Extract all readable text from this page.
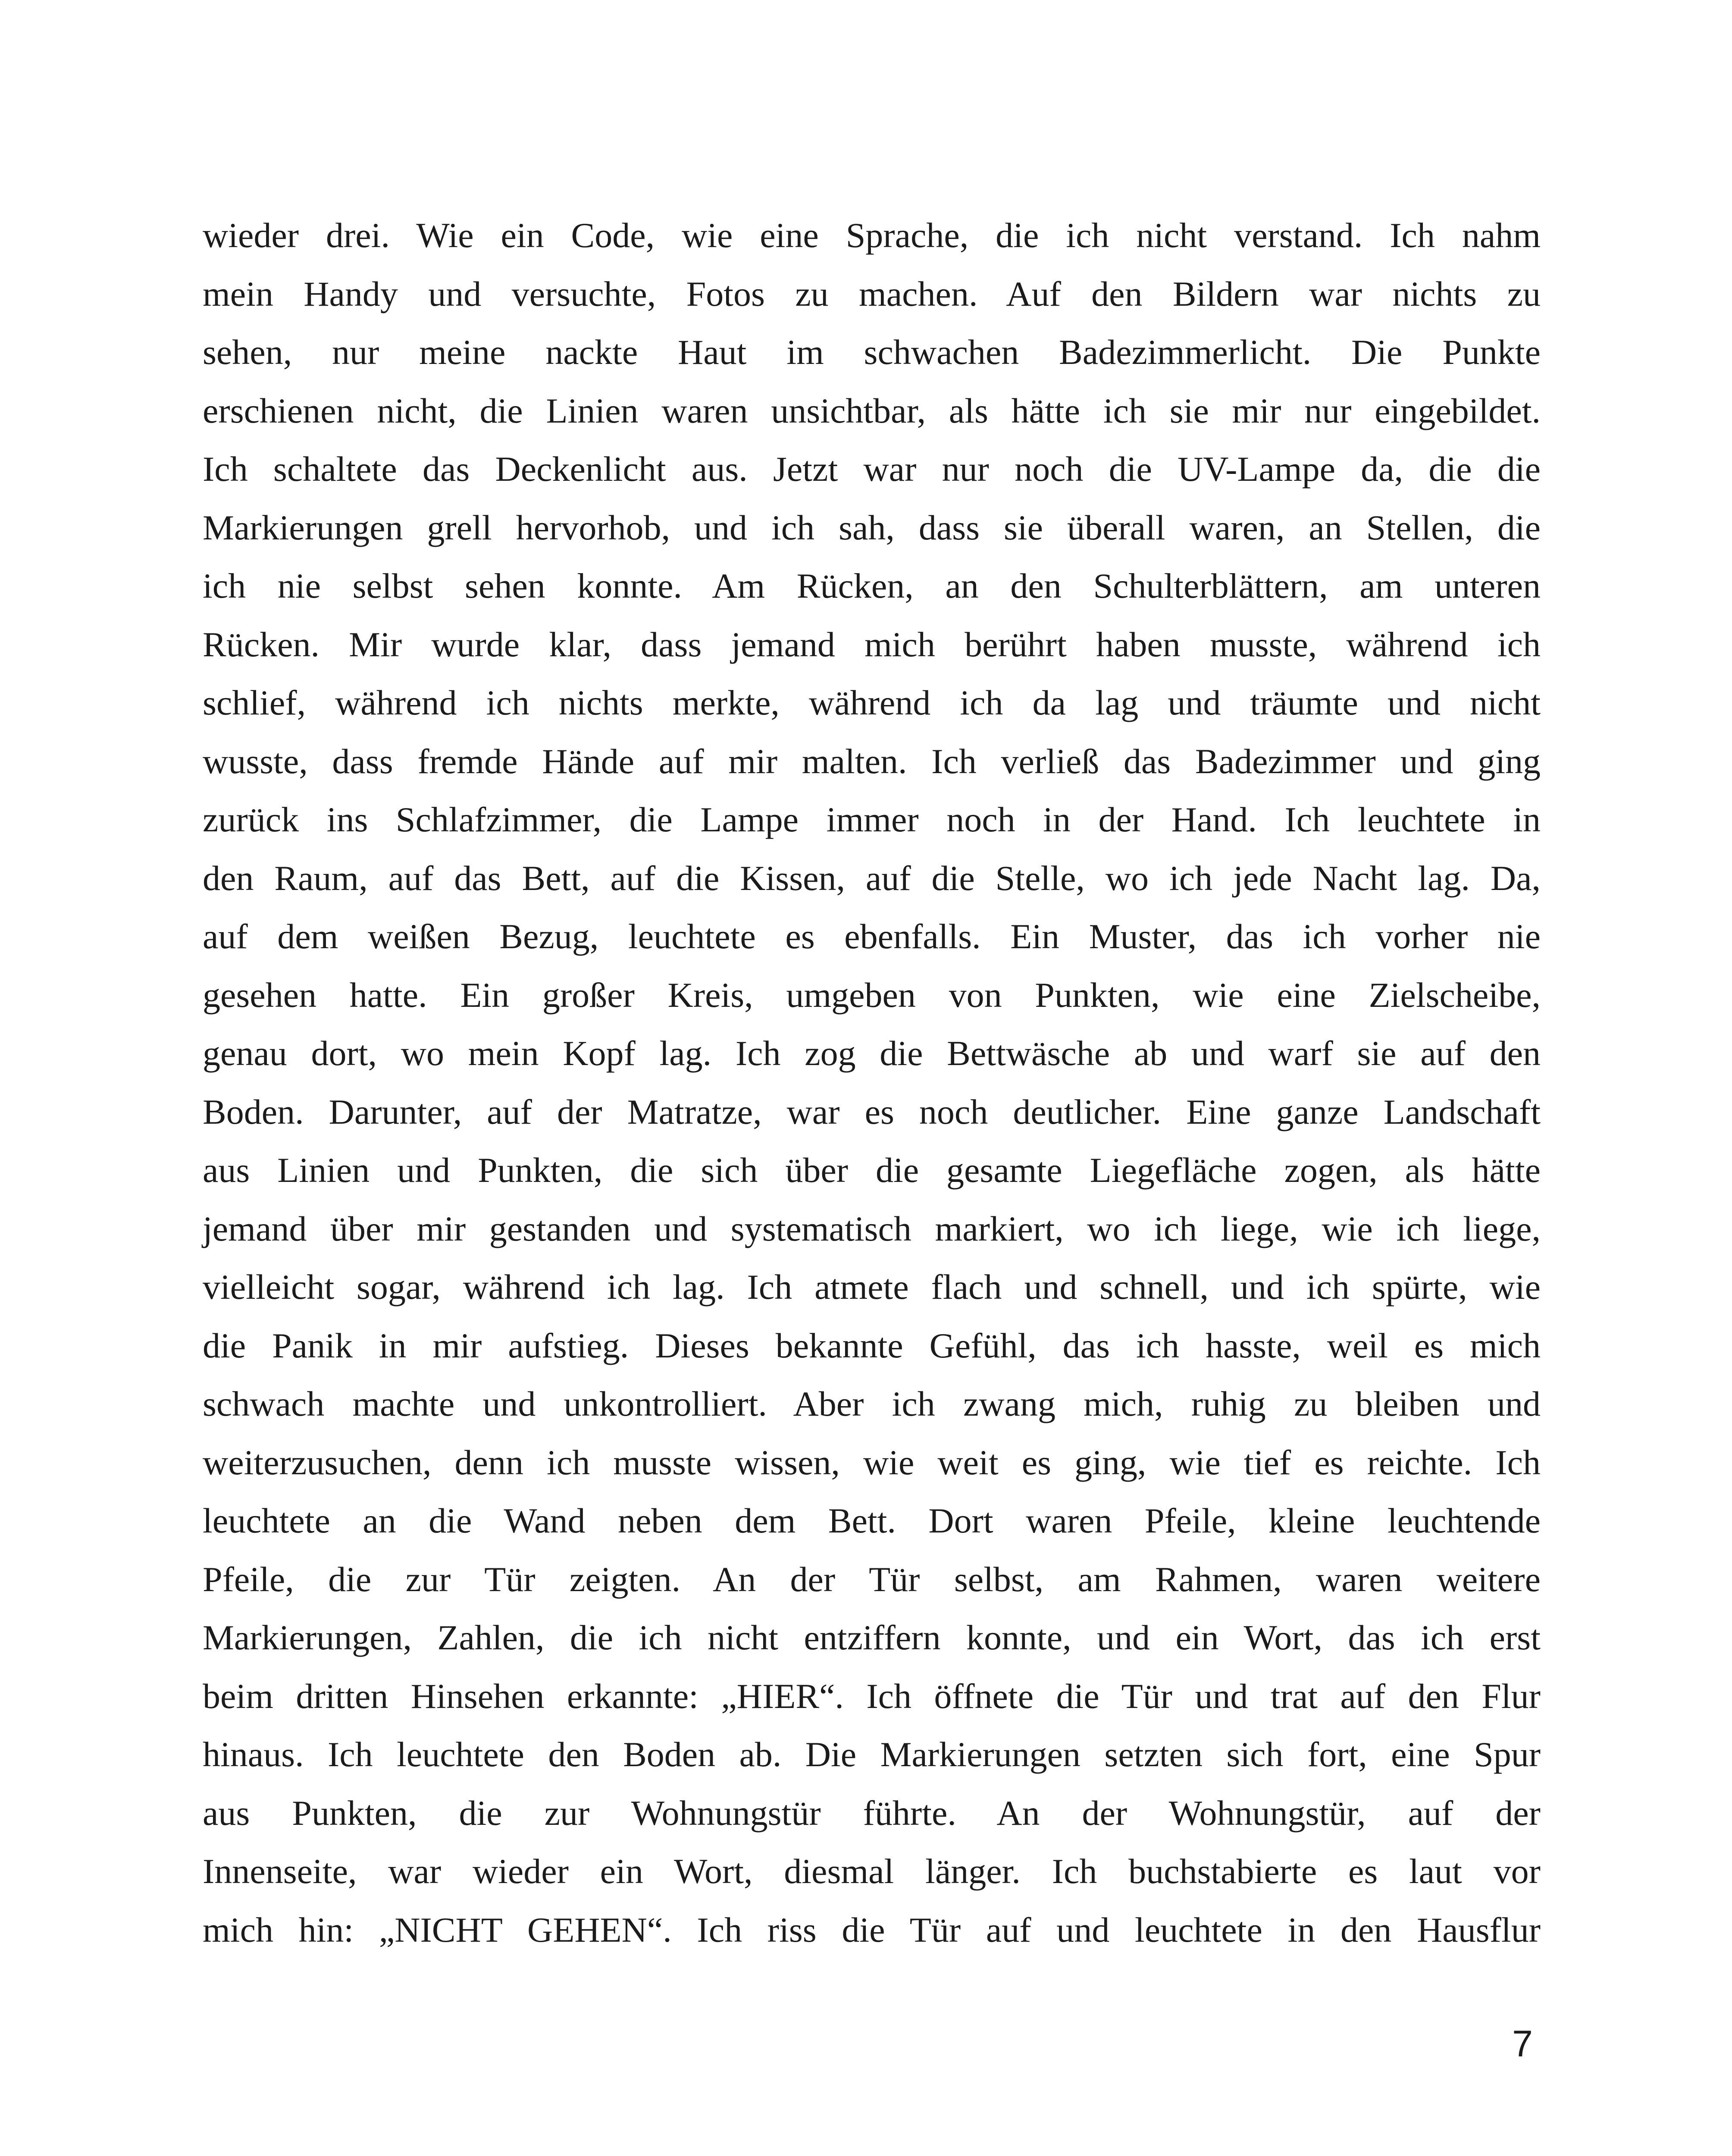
wieder drei. Wie ein Code, wie eine Sprache, die ich nicht verstand. Ich nahm
mein Handy und versuchte, Fotos zu machen. Auf den Bildern war nichts zu
sehen, nur meine nackte Haut im schwachen Badezimmerlicht. Die Punkte
erschienen nicht, die Linien waren unsichtbar, als hätte ich sie mir nur eingebildet.
Ich schaltete das Deckenlicht aus. Jetzt war nur noch die UV-Lampe da, die die
Markierungen grell hervorhob, und ich sah, dass sie überall waren, an Stellen, die
ich nie selbst sehen konnte. Am Rücken, an den Schulterblättern, am unteren
Rücken. Mir wurde klar, dass jemand mich berührt haben musste, während ich
schlief, während ich nichts merkte, während ich da lag und träumte und nicht
wusste, dass fremde Hände auf mir malten. Ich verließ das Badezimmer und ging
zurück ins Schlafzimmer, die Lampe immer noch in der Hand. Ich leuchtete in
den Raum, auf das Bett, auf die Kissen, auf die Stelle, wo ich jede Nacht lag. Da,
auf dem weißen Bezug, leuchtete es ebenfalls. Ein Muster, das ich vorher nie
gesehen hatte. Ein großer Kreis, umgeben von Punkten, wie eine Zielscheibe,
genau dort, wo mein Kopf lag. Ich zog die Bettwäsche ab und warf sie auf den
Boden. Darunter, auf der Matratze, war es noch deutlicher. Eine ganze Landschaft
aus Linien und Punkten, die sich über die gesamte Liegefläche zogen, als hätte
jemand über mir gestanden und systematisch markiert, wo ich liege, wie ich liege,
vielleicht sogar, während ich lag. Ich atmete flach und schnell, und ich spürte, wie
die Panik in mir aufstieg. Dieses bekannte Gefühl, das ich hasste, weil es mich
schwach machte und unkontrolliert. Aber ich zwang mich, ruhig zu bleiben und
weiterzusuchen, denn ich musste wissen, wie weit es ging, wie tief es reichte. Ich
leuchtete an die Wand neben dem Bett. Dort waren Pfeile, kleine leuchtende
Pfeile, die zur Tür zeigten. An der Tür selbst, am Rahmen, waren weitere
Markierungen, Zahlen, die ich nicht entziffern konnte, und ein Wort, das ich erst
beim dritten Hinsehen erkannte: „HIER“. Ich öffnete die Tür und trat auf den Flur
hinaus. Ich leuchtete den Boden ab. Die Markierungen setzten sich fort, eine Spur
aus Punkten, die zur Wohnungstür führte. An der Wohnungstür, auf der
Innenseite, war wieder ein Wort, diesmal länger. Ich buchstabierte es laut vor
mich hin: „NICHT GEHEN“. Ich riss die Tür auf und leuchtete in den Hausflur
7
